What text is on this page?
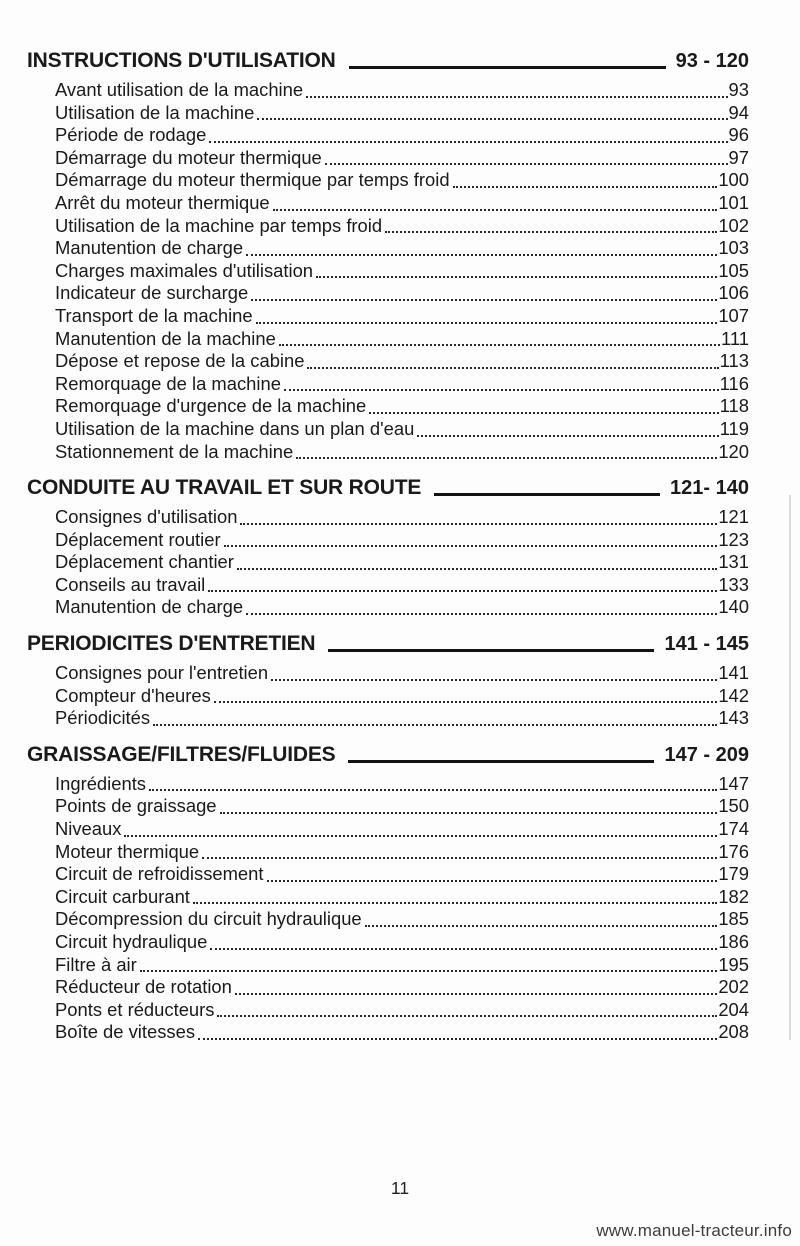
INSTRUCTIONS D'UTILISATION	93 - 120
Avant utilisation de la machine	93
Utilisation de la machine	94
Période de rodage	96
Démarrage du moteur thermique	97
Démarrage du moteur thermique par temps froid	100
Arrêt du moteur thermique	101
Utilisation de la machine par temps froid	102
Manutention de charge	103
Charges maximales d'utilisation	105
Indicateur de surcharge	106
Transport de la machine	107
Manutention de la machine	111
Dépose et repose de la cabine	113
Remorquage de la machine	116
Remorquage d'urgence de la machine	118
Utilisation de la machine dans un plan d'eau	119
Stationnement de la machine	120
CONDUITE AU TRAVAIL ET SUR ROUTE	121- 140
Consignes d'utilisation	121
Déplacement routier	123
Déplacement chantier	131
Conseils au travail	133
Manutention de charge	140
PERIODICITES D'ENTRETIEN	141 - 145
Consignes pour l'entretien	141
Compteur d'heures	142
Périodicités	143
GRAISSAGE/FILTRES/FLUIDES	147 - 209
Ingrédients	147
Points de graissage	150
Niveaux	174
Moteur thermique	176
Circuit de refroidissement	179
Circuit carburant	182
Décompression du circuit hydraulique	185
Circuit hydraulique	186
Filtre à air	195
Réducteur de rotation	202
Ponts et réducteurs	204
Boîte de vitesses	208
11
www.manuel-tracteur.info
